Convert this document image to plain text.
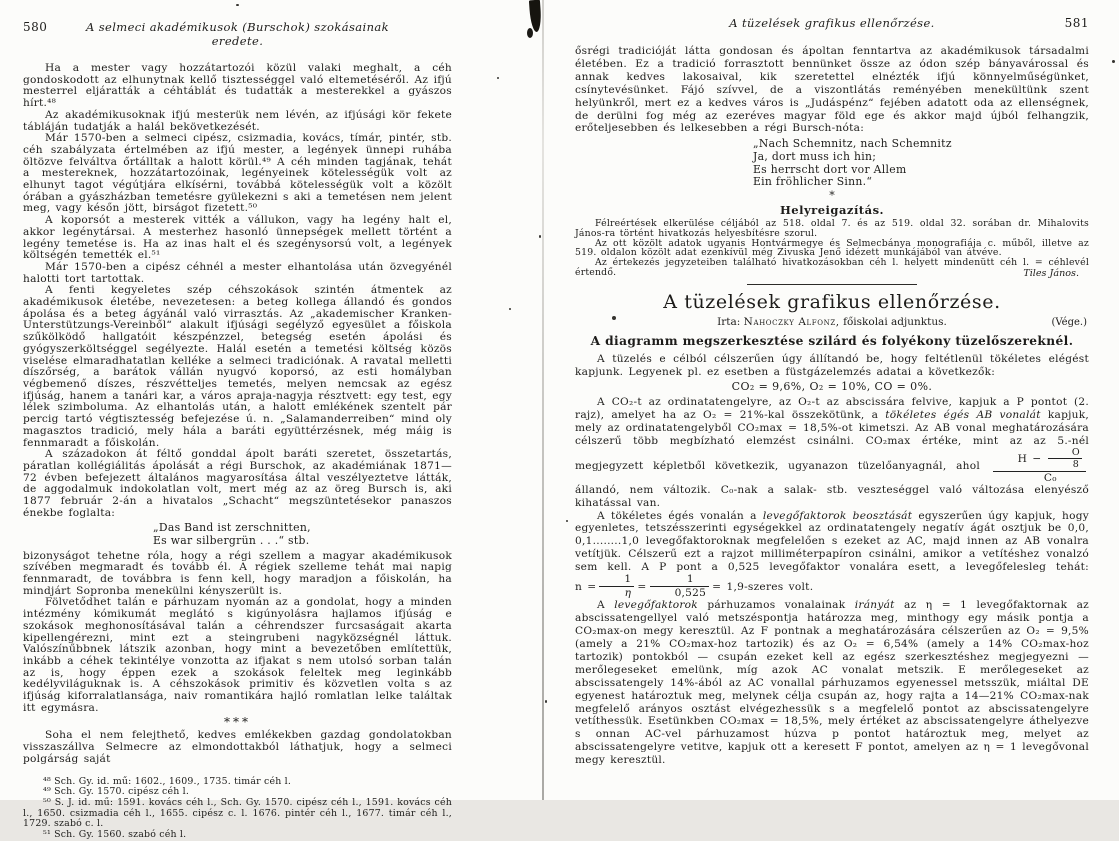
580	A selmeci akadémikusok (Burschok) szokásainak eredete.

Ha a mester vagy hozzátartozói közül valaki meghalt, a céh gondoskodott az elhunytnak kellő tisztességgel való eltemetéséről. Az ifjú mesterrel eljáratták a céhtáblát és tudatták a mesterekkel a gyászos hírt.⁴⁸

Az akadémikusoknak ifjú mesterük nem lévén, az ifjúsági kör fekete tábláján tudatják a halál bekövetkezését.

Már 1570-ben a selmeci cipész, csizmadia, kovács, tímár, pintér, stb. céh szabályzata értelmében az ifjú mester, a legények ünnepi ruhába öltözve felváltva őrtálltak a halott körül.⁴⁹ A céh minden tagjának, tehát a mestereknek, hozzátartozóinak, legényeinek kötelességük volt az elhunyt tagot végútjára elkísérni, továbbá kötelességük volt a közölt órában a gyászházban temetésre gyülekezni s aki a temetésen nem jelent meg, vagy későn jött, birságot fizetett.⁵⁰

A koporsót a mesterek vitték a vállukon, vagy ha legény halt el, akkor legénytársai. A mesterhez hasonló ünnepségek mellett történt a legény temetése is. Ha az inas halt el és szegénysorsú volt, a legények költségén temették el.⁵¹

Már 1570-ben a cipész céhnél a mester elhantolása után özvegyénél halotti tort tartottak.

A fenti kegyeletes szép céhszokások szintén átmentek az akadémikusok életébe, nevezetesen: a beteg kollega állandó és gondos ápolása és a beteg ágyánál való virrasztás. Az „akademischer Kranken- Unterstützungs-Vereinből“ alakult ifjúsági segélyző egyesület a főiskola szűkölködő hallgatóit készpénzzel, betegség esetén ápolási és gyógyszerköltséggel segélyezte. Halál esetén a temetési költség közös viselése elmaradhatatlan kelléke a selmeci tradiciónak. A ravatal melletti díszőrség, a barátok vállán nyugvó koporsó, az esti homályban végbemenő díszes, részvétteljes temetés, melyen nemcsak az egész ifjúság, hanem a tanári kar, a város apraja-nagyja résztvett: egy test, egy lélek szimboluma. Az elhantolás után, a halott emlékének szentelt pár percig tartó végtisztesség befejezése ú. n. „Salamanderreiben“ mind oly magasztos tradició, mely hála a baráti együttérzésnek, még máig is fennmaradt a főiskolán.

A századokon át féltő gonddal ápolt baráti szeretet, összetartás, páratlan kollégiálitás ápolását a régi Burschok, az akadémiának 1871—72 évben befejezett általános magyarosítása által veszélyeztetve látták, de aggodalmuk indokolatlan volt, mert még az az öreg Bursch is, aki 1877 február 2-án a hivatalos „Schacht“ megszüntetésekor panaszos énekbe foglalta:

„Das Band ist zerschnitten,
Es war silbergrün . . .“ stb.

bizonyságot tehetne róla, hogy a régi szellem a magyar akadémikusok szívében megmaradt és tovább él. A régiek szelleme tehát mai napig fennmaradt, de továbbra is fenn kell, hogy maradjon a főiskolán, ha mindjárt Sopronba menekülni kényszerült is.

Fölvetődhet talán e párhuzam nyomán az a gondolat, hogy a minden intézmény kómikumát meglátó s kigúnyolásra hajlamos ifjúság e szokások meghonosításával talán a céhrendszer furcsaságait akarta kipellengérezni, mint ezt a steingrubeni nagyközségnél láttuk. Valószínűbbnek látszik azonban, hogy mint a bevezetőben említettük, inkább a céhek tekintélye vonzotta az ifjakat s nem utolsó sorban talán az is, hogy éppen ezek a szokások feleltek meg leginkább kedélyviláguknak is. A céhszokások primitiv és közvetlen volta s az ifjúság kiforralatlansága, naiv romantikára hajló romlatlan lelke találtak itt egymásra.

***

Soha el nem felejthető, kedves emlékekben gazdag gondolatokban visszaszállva Selmecre az elmondottakból láthatjuk, hogy a selmeci polgárság saját

⁴⁸ Sch. Gy. id. mű: 1602., 1609., 1735. timár céh l.

⁴⁹ Sch. Gy. 1570. cipész céh l.

⁵⁰ S. J. id. mű: 1591. kovács céh l., Sch. Gy. 1570. cipész céh l., 1591. kovács céh l., 1650. csizmadia céh l., 1655. cipész c. l. 1676. pintér céh l., 1677. timár céh l., 1729. szabó c. l.

⁵¹ Sch. Gy. 1560. szabó céh l.

A tüzelések grafikus ellenőrzése.	581

ősrégi tradicióját látta gondosan és ápoltan fenntartva az akadémikusok társadalmi életében. Ez a tradició forrasztott bennünket össze az ódon szép bányavárossal és annak kedves lakosaival, kik szeretettel elnézték ifjú könnyelműségünket, csínytevésünket. Fájó szívvel, de a viszontlátás reményében menekültünk szent helyünkről, mert ez a kedves város is „Judáspénz“ fejében adatott oda az ellenségnek, de derülni fog még az ezeréves magyar föld ege és akkor majd újból felhangzik, erőteljesebben és lelkesebben a régi Bursch-nóta:

„Nach Schemnitz, nach Schemnitz
Ja, dort muss ich hin;
Es herrscht dort vor Allem
Ein fröhlicher Sinn.“
*
Helyreigazítás.

Félreértések elkerülése céljából az 518. oldal 7. és az 519. oldal 32. sorában dr. Mihalovits János-ra történt hivatkozás helyesbítésre szorul.

Az ott közölt adatok ugyanis Hontvármegye és Selmecbánya monografiája c. műből, illetve az 519. oldalon közölt adat ezenkívül még Zivuska Jenő idézett munkájából van átvéve.

Az értekezés jegyzeteiben található hivatkozásokban céh l. helyett mindenütt céh l. = céhlevél értendő.	Tiles János.
A tüzelések grafikus ellenőrzése.
Irta: Nahoczky Alfonz, főiskolai adjunktus.	(Vége.)
A diagramm megszerkesztése szilárd és folyékony tüzelőszereknél.

A tüzelés e célból célszerűen úgy állítandó be, hogy feltétlenül tökéletes elégést kapjunk. Legyenek pl. ez esetben a füstgázelemzés adatai a következők:

CO₂ = 9,6%, O₂ = 10%, CO = 0%.

A CO₂-t az ordinatatengelyre, az O₂-t az abscissára felvive, kapjuk a P pontot (2. rajz), amelyet ha az O₂ = 21%-kal összekötünk, a tökéletes égés AB vonalát kapjuk, mely az ordinatatengelyből CO₂max = 18,5%-ot kimetszi. Az AB vonal meghatározására célszerű több megbízható elemzést csinálni. CO₂max értéke, mint az az 5.-nél megjegyzett képletből következik, ugyanazon tüzelőanyagnál, ahol $\frac{H - \frac{O}{8}}{\text{C₀}}$
állandó, nem változik. C₀-nak a salak- stb. veszteséggel való változása elenyésző kihatással van.

A tökéletes égés vonalán a levegőfaktorok beosztását egyszerűen úgy kapjuk, hogy egyenletes, tetszésszerinti egységekkel az ordinatatengely negatív ágát osztjuk be 0,0, 0,1........1,0 levegőfaktoroknak megfelelően s ezeket az AC, majd innen az AB vonalra vetítjük. Célszerű ezt a rajzot milliméterpapíron csinálni, amikor a vetítéshez vonalzó sem kell. A P pont a 0,525 levegőfaktor vonalára esett, a levegőfelesleg tehát: $n = \frac{1}{\eta} = \frac{1}{0,525}$ = 1,9-szeres volt.

A levegőfaktorok párhuzamos vonalainak irányát az η = 1 levegőfaktornak az abscissatengellyel való metszéspontja határozza meg, minthogy egy másik pontja a CO₂max-on megy keresztül. Az F pontnak a meghatározására célszerűen az O₂ = 9,5% (amely a 21% CO₂max-hoz tartozik) és az O₂ = 6,54% (amely a 14% CO₂max-hoz tartozik) pontokból — csupán ezeket kell az egész szerkesztéshez megjegyezni — merőlegeseket emelünk, míg azok AC vonalat metszik. E merőlegeseket az abscissatengely 14%-ából az AC vonallal párhuzamos egyenessel metsszük, miáltal DE egyenest határoztuk meg, melynek célja csupán az, hogy rajta a 14—21% CO₂max-nak megfelelő arányos osztást elvégezhessük s a megfelelő pontot az abscissatengelyre vetíthessük. Esetünkben CO₂max = 18,5%, mely értéket az abscissatengelyre áthelyezve s onnan AC-vel párhuzamost húzva p pontot határoztuk meg, melyet az abscissatengelyre vetitve, kapjuk ott a keresett F pontot, amelyen az η = 1 levegővonal megy keresztül.
